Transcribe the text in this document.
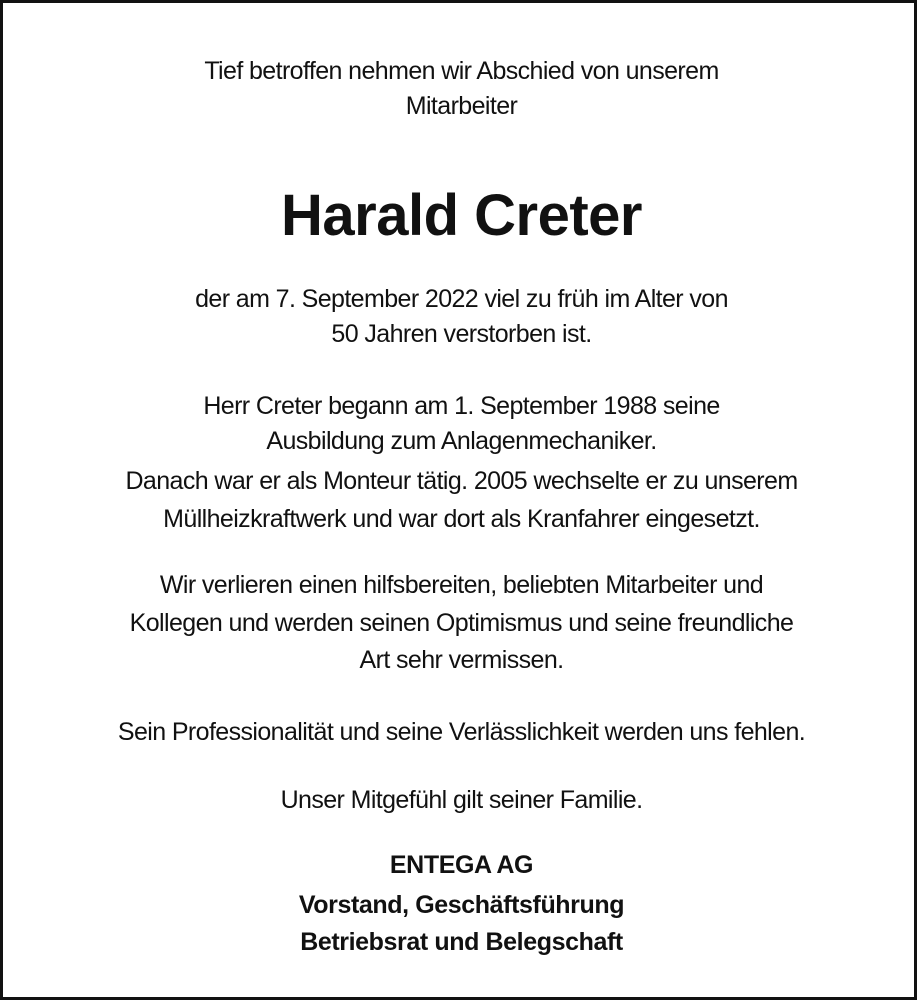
Tief betroffen nehmen wir Abschied von unserem
Mitarbeiter
Harald Creter
der am 7. September 2022 viel zu früh im Alter von
50 Jahren verstorben ist.
Herr Creter begann am 1. September 1988 seine
Ausbildung zum Anlagenmechaniker.
Danach war er als Monteur tätig. 2005 wechselte er zu unserem
Müllheizkraftwerk und war dort als Kranfahrer eingesetzt.
Wir verlieren einen hilfsbereiten, beliebten Mitarbeiter und
Kollegen und werden seinen Optimismus und seine freundliche
Art sehr vermissen.
Sein Professionalität und seine Verlässlichkeit werden uns fehlen.
Unser Mitgefühl gilt seiner Familie.
ENTEGA AG
Vorstand, Geschäftsführung
Betriebsrat und Belegschaft
